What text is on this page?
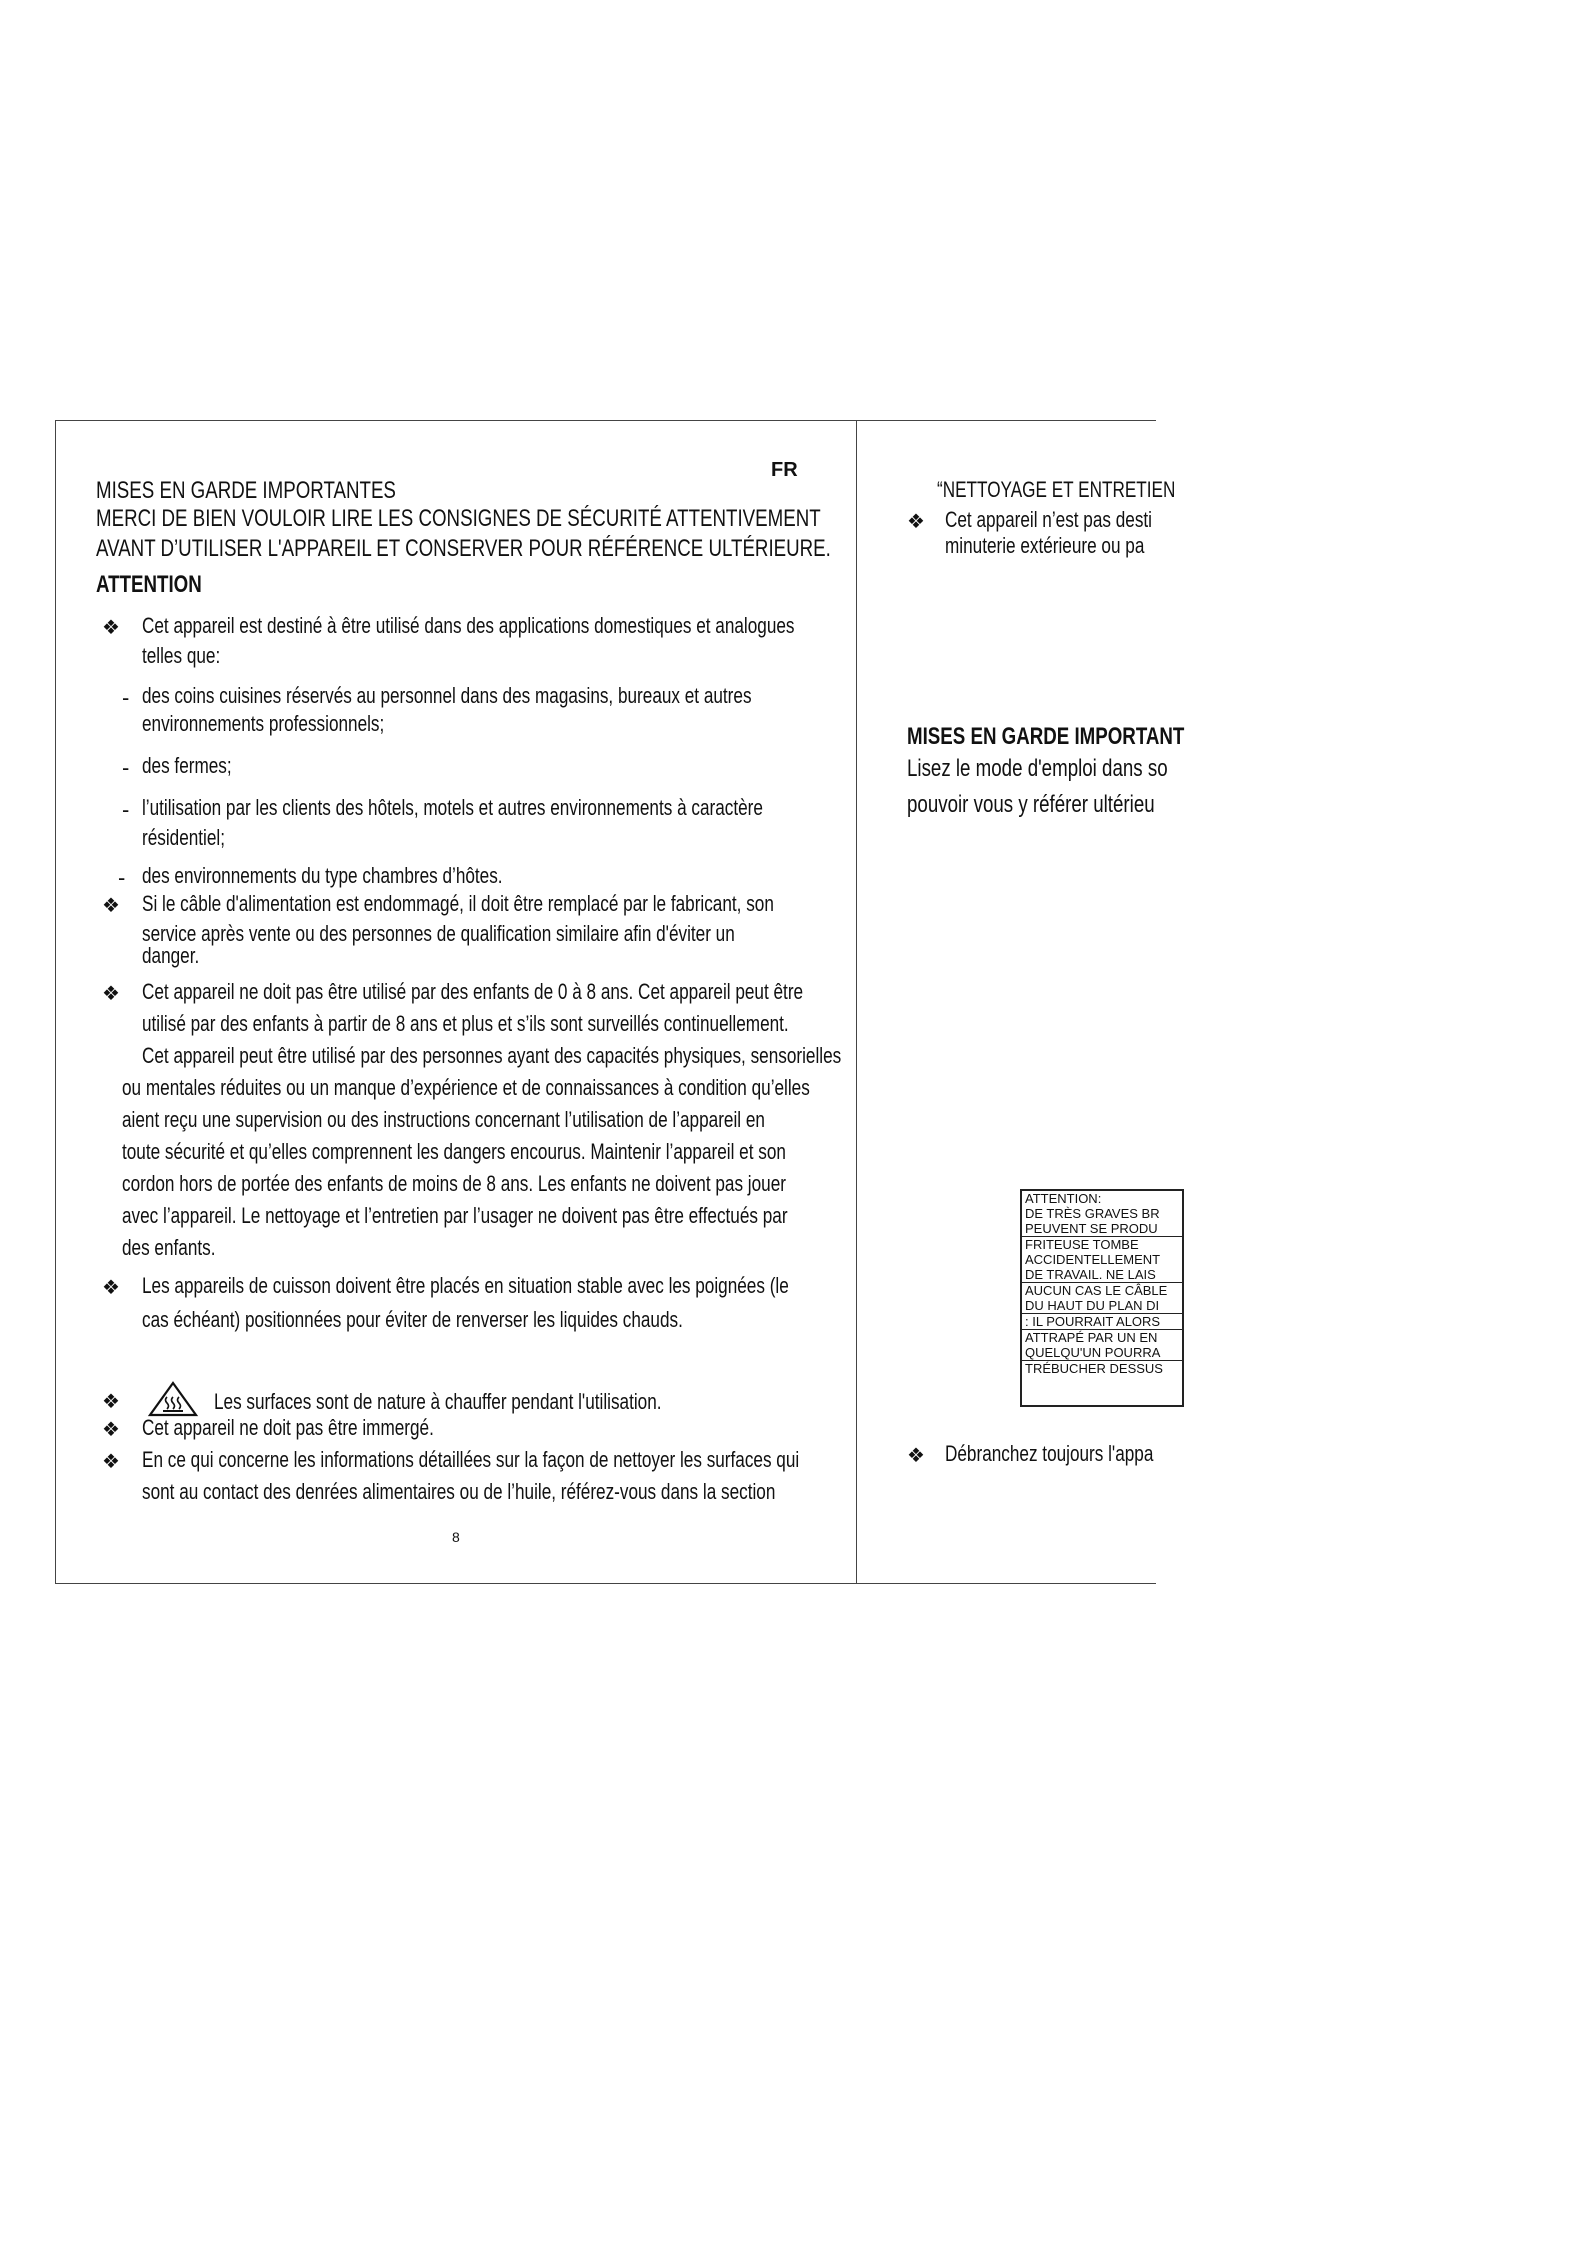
FR
MISES EN GARDE IMPORTANTES
MERCI DE BIEN VOULOIR LIRE LES CONSIGNES DE SÉCURITÉ ATTENTIVEMENT
AVANT D’UTILISER L'APPAREIL ET CONSERVER POUR RÉFÉRENCE ULTÉRIEURE.
ATTENTION
❖ Cet appareil est destiné à être utilisé dans des applications domestiques et analogues
telles que:
- des coins cuisines réservés au personnel dans des magasins, bureaux et autres
environnements professionnels;
- des fermes;
- l’utilisation par les clients des hôtels, motels et autres environnements à caractère
résidentiel;
- des environnements du type chambres d’hôtes.
❖ Si le câble d'alimentation est endommagé, il doit être remplacé par le fabricant, son
service après vente ou des personnes de qualification similaire afin d'éviter un
danger.
❖ Cet appareil ne doit pas être utilisé par des enfants de 0 à 8 ans. Cet appareil peut être
utilisé par des enfants à partir de 8 ans et plus et s’ils sont surveillés continuellement.
Cet appareil peut être utilisé par des personnes ayant des capacités physiques, sensorielles
ou mentales réduites ou un manque d’expérience et de connaissances à condition qu’elles
aient reçu une supervision ou des instructions concernant l’utilisation de l’appareil en
toute sécurité et qu’elles comprennent les dangers encourus. Maintenir l’appareil et son
cordon hors de portée des enfants de moins de 8 ans. Les enfants ne doivent pas jouer
avec l’appareil. Le nettoyage et l’entretien par l’usager ne doivent pas être effectués par
des enfants.
❖ Les appareils de cuisson doivent être placés en situation stable avec les poignées (le
cas échéant) positionnées pour éviter de renverser les liquides chauds.
❖	Les surfaces sont de nature à chauffer pendant l'utilisation.
❖ Cet appareil ne doit pas être immergé.
❖ En ce qui concerne les informations détaillées sur la façon de nettoyer les surfaces qui
sont au contact des denrées alimentaires ou de l’huile, référez-vous dans la section
8
“NETTOYAGE ET ENTRETIEN
❖ Cet appareil n’est pas desti
minuterie extérieure ou pa
MISES EN GARDE IMPORTANT
Lisez le mode d'emploi dans so
pouvoir vous y référer ultérieu
ATTENTION:
DE TRÈS GRAVES BR
PEUVENT SE PRODU
FRITEUSE TOMBE
ACCIDENTELLEMENT
DE TRAVAIL. NE LAIS
AUCUN CAS LE CÂBLE
DU HAUT DU PLAN DI
: IL POURRAIT ALORS
ATTRAPÉ PAR UN EN
QUELQU'UN POURRA
TRÉBUCHER DESSUS
❖ Débranchez toujours l'appa
